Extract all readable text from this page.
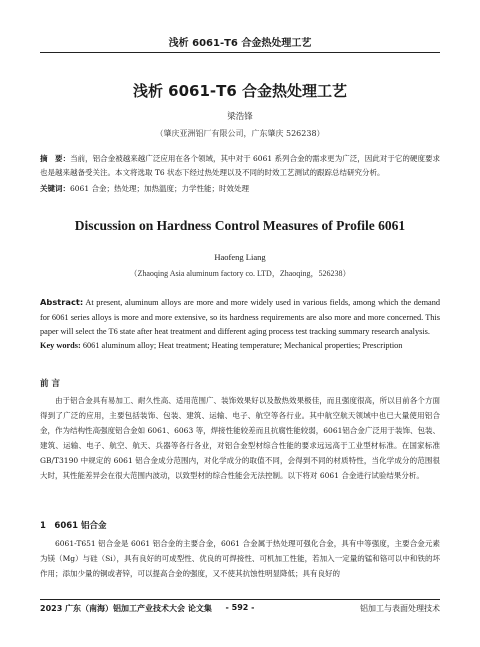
浅析 6061-T6 合金热处理工艺
浅析 6061-T6 合金热处理工艺
梁浩锋
（肇庆亚洲铝厂有限公司，广东肇庆 526238）
摘　要：当前，铝合金被越来越广泛应用在各个领域，其中对于 6061 系列合金的需求更为广泛，因此对于它的硬度要求也是越来越备受关注。本文将选取 T6 状态下经过热处理以及不同的时效工艺测试的跟踪总结研究分析。
关键词：6061 合金；热处理；加热温度；力学性能；时效处理
Discussion on Hardness Control Measures of Profile 6061
Haofeng Liang
（Zhaoqing Asia aluminum factory co. LTD，Zhaoqing，526238）
Abstract: At present, aluminum alloys are more and more widely used in various fields, among which the demand for 6061 series alloys is more and more extensive, so its hardness requirements are also more and more concerned. This paper will select the T6 state after heat treatment and different aging process test tracking summary research analysis.
Key words: 6061 aluminum alloy; Heat treatment; Heating temperature; Mechanical properties; Prescription
前 言
由于铝合金具有易加工、耐久性高、适用范围广、装饰效果好以及散热效果极佳，而且强度很高，所以目前各个方面得到了广泛的应用，主要包括装饰、包装、建筑、运输、电子、航空等各行业。其中航空航天领域中也已大量使用铝合金，作为结构性高强度铝合金如 6061、6063 等，焊接性能较差而且抗腐性能较弱，6061铝合金广泛用于装饰、包装、建筑、运输、电子、航空、航天、兵器等各行各业，对铝合金型材综合性能的要求远远高于工业型材标准。在国家标准 GB/T3190 中规定的 6061 铝合金成分范围内，对化学成分的取值不同，会得到不同的材质特性，当化学成分的范围很大时，其性能差异会在很大范围内波动，以致型材的综合性能会无法控制。以下将对 6061 合金进行试验结果分析。
1　6061 铝合金
6061-T651 铝合金是 6061 铝合金的主要合金，6061 合金属于热处理可强化合金，具有中等强度，主要合金元素为镁（Mg）与硅（Si），具有良好的可成型性、优良的可焊接性、可机加工性能，若加入一定量的锰和铬可以中和铁的坏作用；添加少量的铜或者锌，可以提高合金的强度，又不使其抗蚀性明显降低；具有良好的
2023 广东（南海）铝加工产业技术大会 论文集	- 592 -	铝加工与表面处理技术
